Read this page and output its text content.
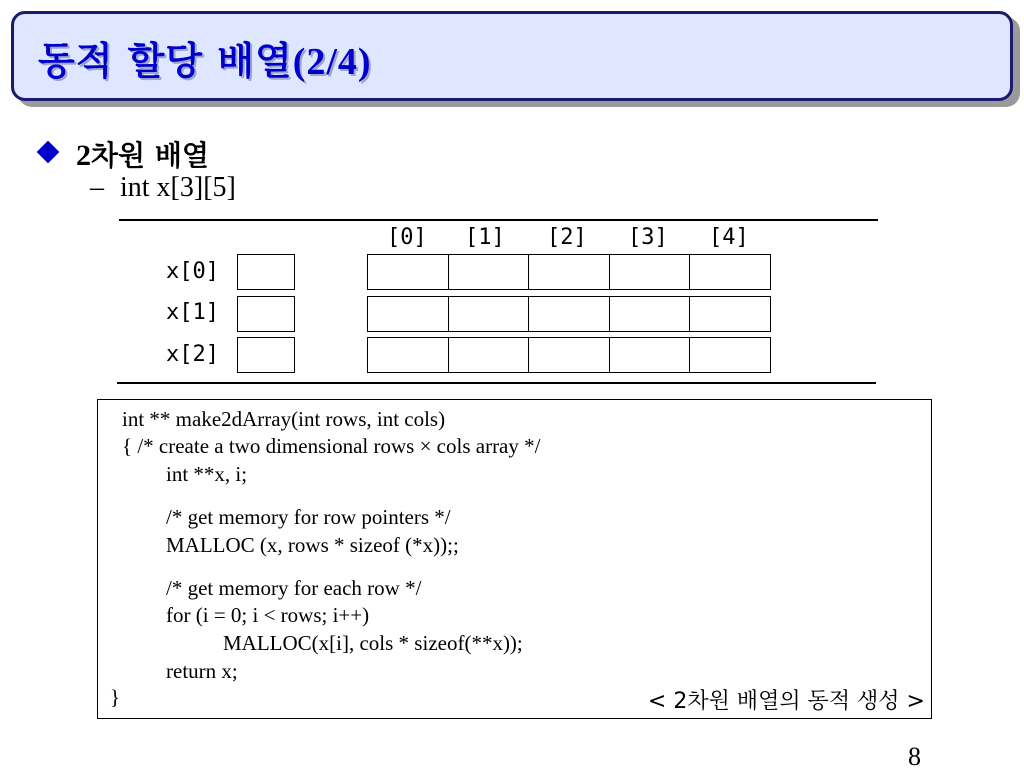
동적 할당 배열(2/4)
2차원 배열
– int x[3][5]
[0] [1] [2] [3] [4]
x[0]
x[1]
x[2]
int ** make2dArray(int rows, int cols)
{ /* create a two dimensional rows × cols array */
int **x, i;
/* get memory for row pointers */
MALLOC (x, rows * sizeof (*x));;
/* get memory for each row */
for (i = 0; i < rows; i++)
MALLOC(x[i], cols * sizeof(**x));
return x;
}	< 2차원 배열의 동적 생성 >
8
